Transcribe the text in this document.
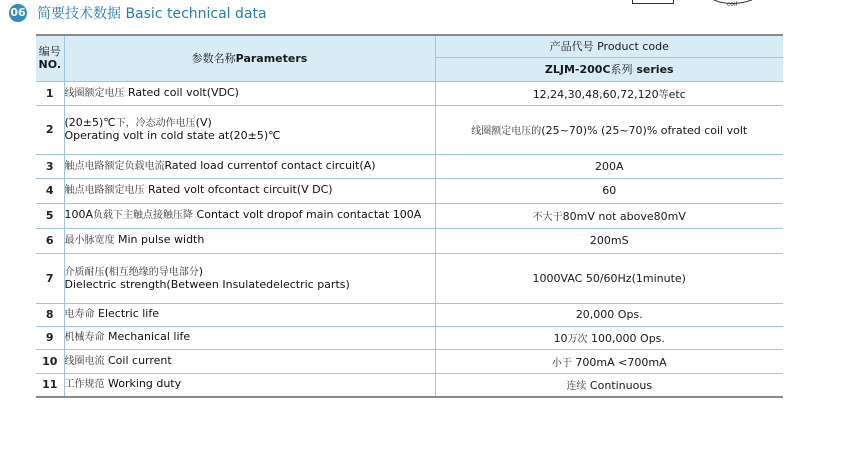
06 简要技术数据 Basic technical data
coil
编号
NO.	参数名称Parameters	产品代号 Product code
		ZLJM-200C系列 series
1	线圈额定电压 Rated coil volt(VDC)	12,24,30,48,60,72,120等etc
2	(20±5)℃下，冷态动作电压(V)
Operating volt in cold state at(20±5)℃	线圈额定电压的(25~70)% (25~70)% ofrated coil volt
3	触点电路额定负载电流Rated load currentof contact circuit(A)	200A
4	触点电路额定电压 Rated volt ofcontact circuit(V DC)	60
5	100A负载下主触点接触压降 Contact volt dropof main contactat 100A	不大于80mV not above80mV
6	最小脉宽度 Min pulse width	200mS
7	介质耐压(相互绝缘的导电部分)
Dielectric strength(Between Insulatedelectric parts)	1000VAC 50/60Hz(1minute)
8	电寿命 Electric life	20,000 Ops.
9	机械寿命 Mechanical life	10万次 100,000 Ops.
10	线圈电流 Coil current	小于 700mA <700mA
11	工作规范 Working duty	连续 Continuous
